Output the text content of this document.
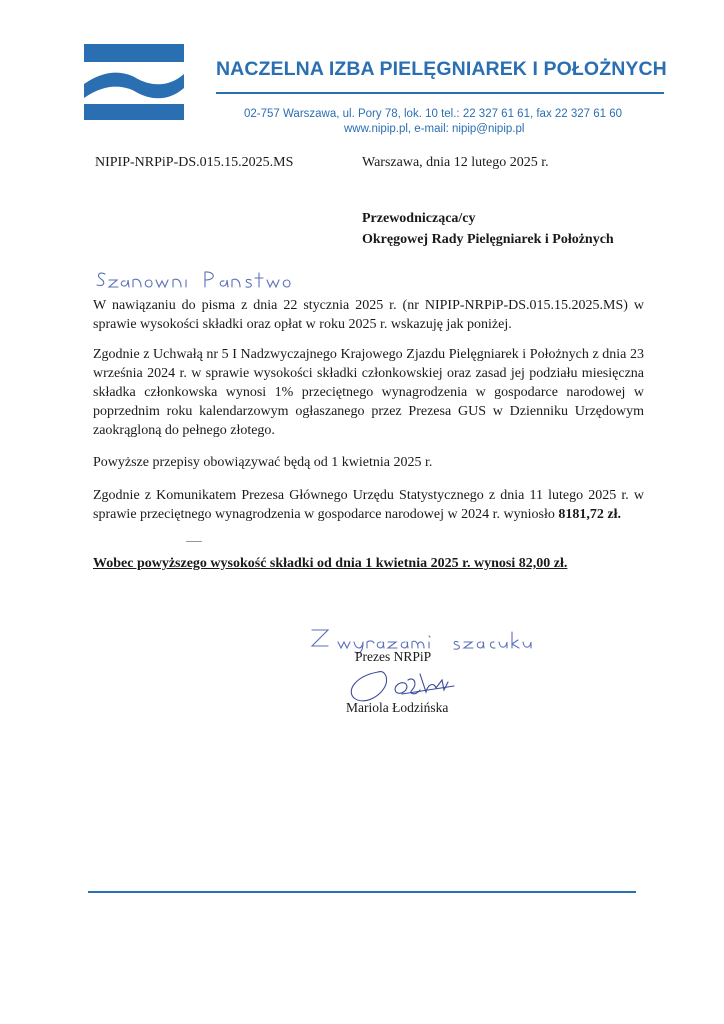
NACZELNA IZBA PIELĘGNIAREK I POŁOŻNYCH
02-757 Warszawa, ul. Pory 78, lok. 10 tel.: 22 327 61 61, fax 22 327 61 60
www.nipip.pl, e-mail: nipip@nipip.pl
NIPIP-NRPiP-DS.015.15.2025.MS	Warszawa, dnia 12 lutego 2025 r.
Przewodnicząca/cy
Okręgowej Rady Pielęgniarek i Położnych

W nawiązaniu do pisma z dnia 22 stycznia 2025 r. (nr NIPIP-NRPiP-DS.015.15.2025.MS) w sprawie wysokości składki oraz opłat w roku 2025 r. wskazuję jak poniżej.

Zgodnie z Uchwałą nr 5 I Nadzwyczajnego Krajowego Zjazdu Pielęgniarek i Położnych z dnia 23 września 2024 r. w sprawie wysokości składki członkowskiej oraz zasad jej podziału miesięczna składka członkowska wynosi 1% przeciętnego wynagrodzenia w gospodarce narodowej w poprzednim roku kalendarzowym ogłaszanego przez Prezesa GUS w Dzienniku Urzędowym zaokrągloną do pełnego złotego.

Powyższe przepisy obowiązywać będą od 1 kwietnia 2025 r.

Zgodnie z Komunikatem Prezesa Głównego Urzędu Statystycznego z dnia 11 lutego 2025 r. w sprawie przeciętnego wynagrodzenia w gospodarce narodowej w 2024 r. wyniosło 8181,72 zł.

Wobec powyższego wysokość składki od dnia 1 kwietnia 2025 r. wynosi 82,00 zł.
Prezes NRPiP
Mariola Łodzińska
